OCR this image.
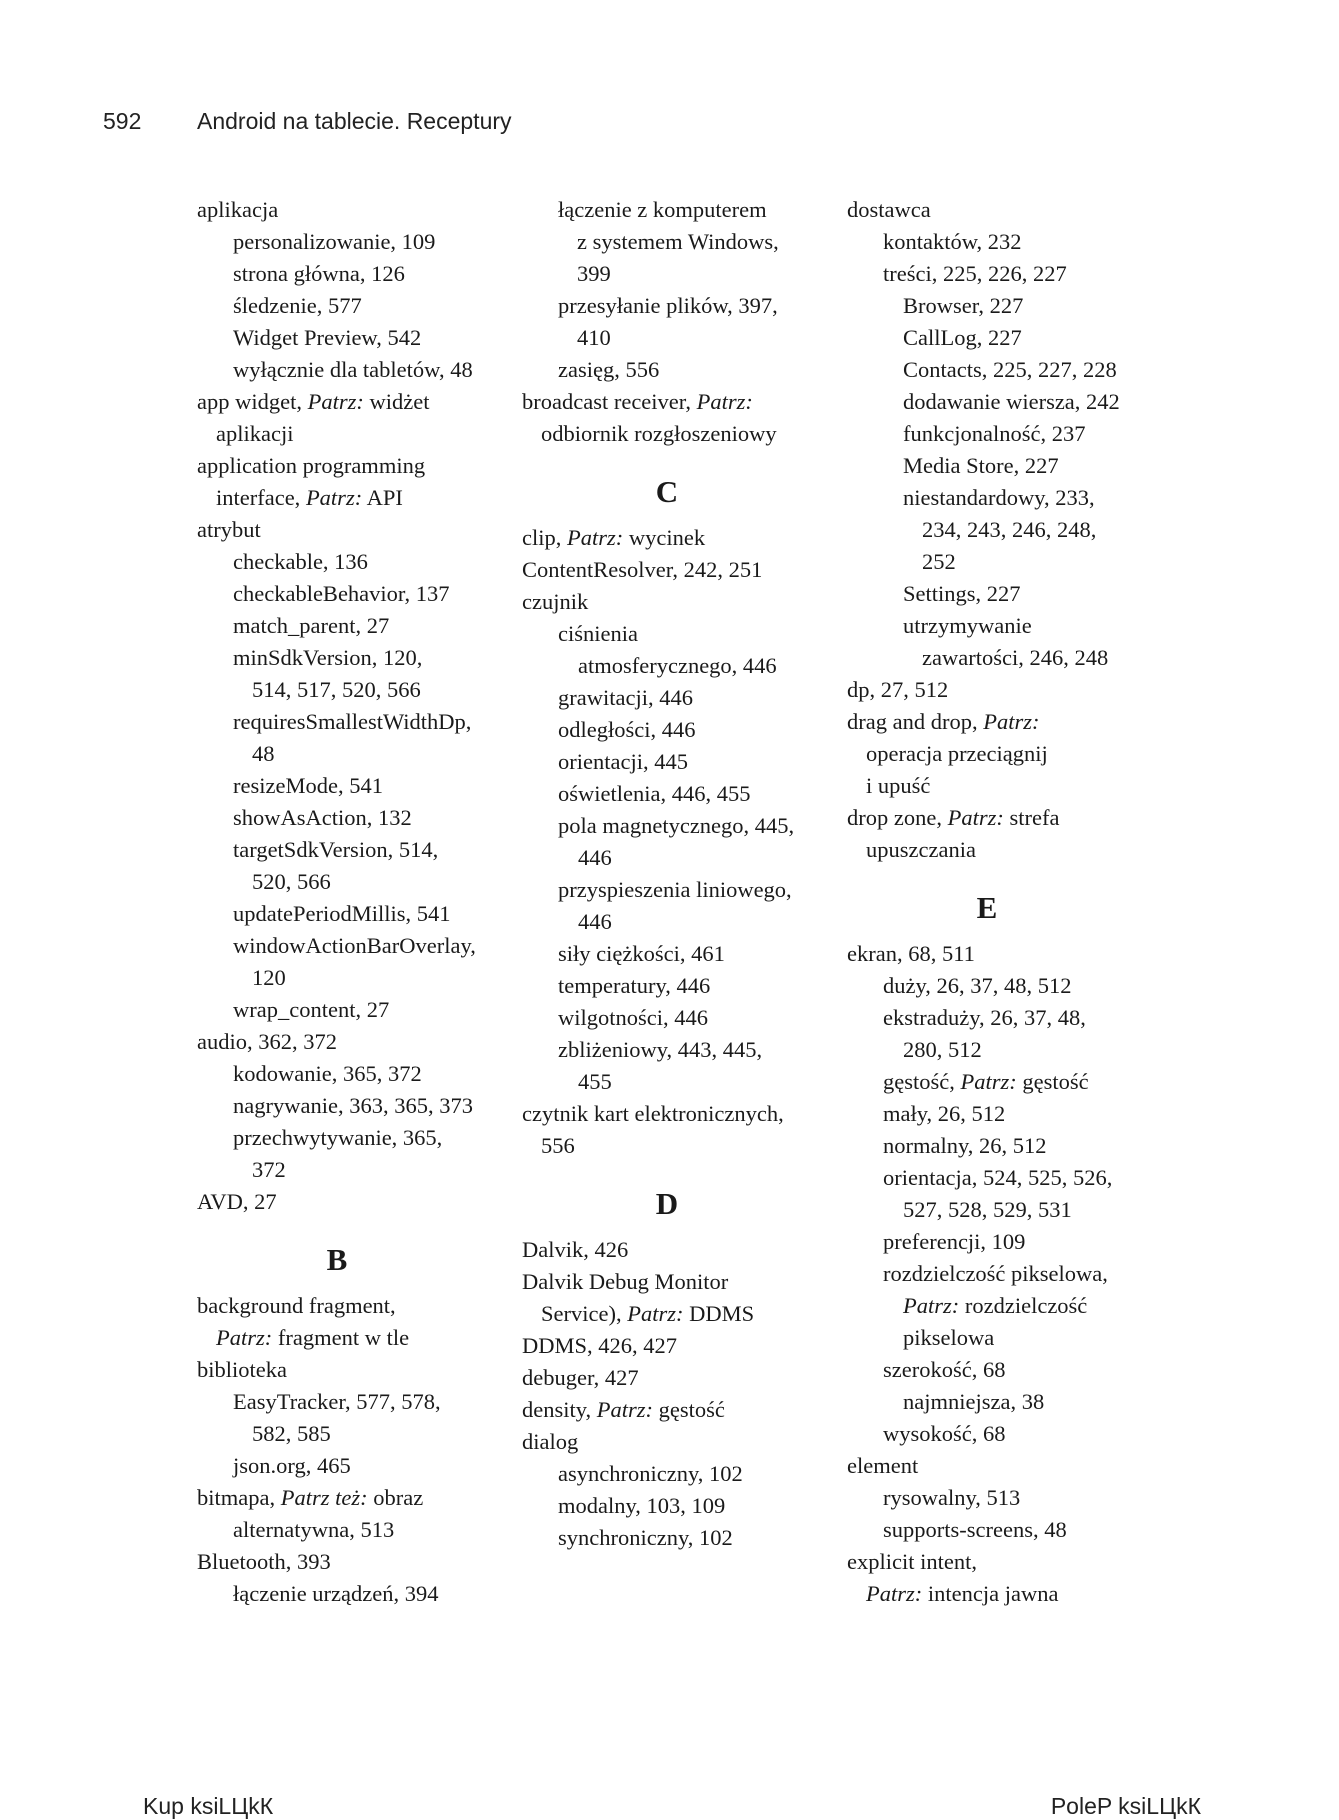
592 Android na tablecie. Receptury
aplikacja
personalizowanie, 109
strona główna, 126
śledzenie, 577
Widget Preview, 542
wyłącznie dla tabletów, 48
app widget, Patrz: widżet
aplikacji
application programming
interface, Patrz: API
atrybut
checkable, 136
checkableBehavior, 137
match_parent, 27
minSdkVersion, 120,
514, 517, 520, 566
requiresSmallestWidthDp,
48
resizeMode, 541
showAsAction, 132
targetSdkVersion, 514,
520, 566
updatePeriodMillis, 541
windowActionBarOverlay,
120
wrap_content, 27
audio, 362, 372
kodowanie, 365, 372
nagrywanie, 363, 365, 373
przechwytywanie, 365,
372
AVD, 27
B
background fragment,
Patrz: fragment w tle
biblioteka
EasyTracker, 577, 578,
582, 585
json.org, 465
bitmapa, Patrz też: obraz
alternatywna, 513
Bluetooth, 393
łączenie urządzeń, 394
łączenie z komputerem
z systemem Windows,
399
przesyłanie plików, 397,
410
zasięg, 556
broadcast receiver, Patrz:
odbiornik rozgłoszeniowy
C
clip, Patrz: wycinek
ContentResolver, 242, 251
czujnik
ciśnienia
atmosferycznego, 446
grawitacji, 446
odległości, 446
orientacji, 445
oświetlenia, 446, 455
pola magnetycznego, 445,
446
przyspieszenia liniowego,
446
siły ciężkości, 461
temperatury, 446
wilgotności, 446
zbliżeniowy, 443, 445,
455
czytnik kart elektronicznych,
556
D
Dalvik, 426
Dalvik Debug Monitor
Service), Patrz: DDMS
DDMS, 426, 427
debuger, 427
density, Patrz: gęstość
dialog
asynchroniczny, 102
modalny, 103, 109
synchroniczny, 102
dostawca
kontaktów, 232
treści, 225, 226, 227
Browser, 227
CallLog, 227
Contacts, 225, 227, 228
dodawanie wiersza, 242
funkcjonalność, 237
Media Store, 227
niestandardowy, 233,
234, 243, 246, 248,
252
Settings, 227
utrzymywanie
zawartości, 246, 248
dp, 27, 512
drag and drop, Patrz:
operacja przeciągnij
i upuść
drop zone, Patrz: strefa
upuszczania
E
ekran, 68, 511
duży, 26, 37, 48, 512
ekstraduży, 26, 37, 48,
280, 512
gęstość, Patrz: gęstość
mały, 26, 512
normalny, 26, 512
orientacja, 524, 525, 526,
527, 528, 529, 531
preferencji, 109
rozdzielczość pikselowa,
Patrz: rozdzielczość
pikselowa
szerokość, 68
najmniejsza, 38
wysokość, 68
element
rysowalny, 513
supports-screens, 48
explicit intent,
Patrz: intencja jawna
Kup ksiLЦkК	PoleP ksiLЦkК
